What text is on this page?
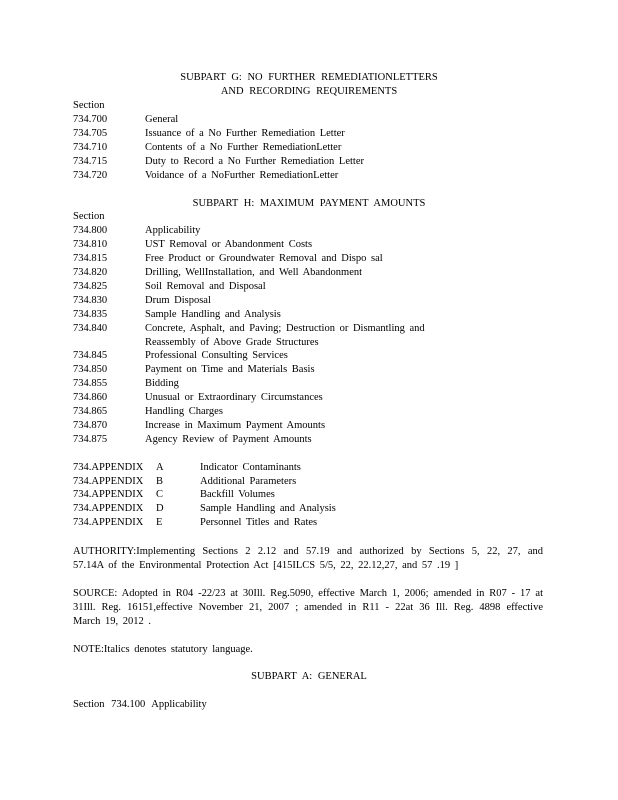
SUBPART G: NO FURTHER REMEDIATIONLETTERS
AND RECORDING REQUIREMENTS
Section
734.700	General
734.705	Issuance of a No Further Remediation Letter
734.710	Contents of a No Further RemediationLetter
734.715	Duty to Record a No Further Remediation Letter
734.720	Voidance of a NoFurther RemediationLetter
SUBPART H: MAXIMUM PAYMENT AMOUNTS
Section
734.800	Applicability
734.810	UST Removal or Abandonment Costs
734.815	Free Product or Groundwater Removal and Dispo sal
734.820	Drilling, WellInstallation, and Well Abandonment
734.825	Soil Removal and Disposal
734.830	Drum Disposal
734.835	Sample Handling and Analysis
734.840	Concrete, Asphalt, and Paving; Destruction or Dismantling and
Reassembly of Above Grade Structures
734.845	Professional Consulting Services
734.850	Payment on Time and Materials Basis
734.855	Bidding
734.860	Unusual or Extraordinary Circumstances
734.865	Handling Charges
734.870	Increase in Maximum Payment Amounts
734.875	Agency Review of Payment Amounts
734.APPENDIX A	Indicator Contaminants
734.APPENDIX B	Additional Parameters
734.APPENDIX C	Backfill Volumes
734.APPENDIX D	Sample Handling and Analysis
734.APPENDIX E	Personnel Titles and Rates
AUTHORITY:Implementing Sections 2 2.12 and 57.19 and authorized by Sections 5, 22, 27, and 57.14A of the Environmental Protection Act [415ILCS 5/5, 22, 22.12,27, and 57 .19 ]
SOURCE: Adopted in R04 -22/23 at 30Ill. Reg.5090, effective March 1, 2006; amended in R07 - 17 at 31Ill. Reg. 16151,effective November 21, 2007 ; amended in R11 - 22at 36 Ill. Reg. 4898 effective March 19, 2012 .
NOTE:Italics denotes statutory language.
SUBPART A: GENERAL
Section 734.100 Applicability
